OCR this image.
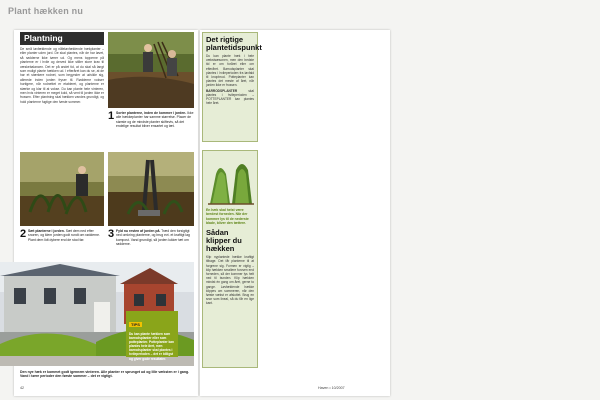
Plant hækken nu
Plantning
De små løvfældende og nåleløvfældende hækplanter – eller planter uden jord. De skal plantes, når de har løvet, så rødderne ikke tørrer ud. Og mens topperne på planterne er i hvile og derved ikke stiller store krav til væskebalancen. Det er på andet tid, at du skal så langt som muligt plante hækken ud. I efteråret kan du se, at de har et stærkere rodnet, som begynder at udvikle sig, allerede inden jorden fryser til. Rødderne vokser hurtigere, når rodnettet er etableret, og planterne er stærke og klar til at vokse. Du kan plante hele vinteren, men hvis vinteren er meget kold, så vent til jorden ikke er frossen. Efter plantning skal hækken vandes grundigt, og hold planterne fugtige den første sommer.
1 Sorter planterne, inden de kommer i jorden. Ikke alle hækkeplanter har samme størrelse. Placer de største og de mindste planter skiftevis, så det endelige resultat bliver ensartet og tæt.
2 Sæt planterne i jorden. Sæt dem ned efter snoren, og klem jorden godt rundt om rødderne. Plant dem lidt dybere end de stod før.	3 Fyld nu resten af jorden på. Træd den forsigtigt ned omkring planterne, og brug evt. et kraftigt lag kompost. Vand grundigt, så jorden lukker tæt om rødderne.
TIPS
Du kan plante hækken som barrodsplanter eller som potteplanter. Potteplanter kan plantes hele året, men barrodsplanter skal plantes i hvileperioden – det er billigst og giver gode resultater.
Den nye hæk er kommet godt igennem vinteren. Alle planter er sprunget ud og lille væksten er i gang. Vand i tørre perioder den første sommer – det er vigtigt.
42	Haven • 10/2007
Det rigtige plantetidspunkt
Du kan plante hæk i hele vækstsæsonen, men den bedste tid er om foråret eller om efteråret. Barrodsplanter skal plantes i hvileperioden fra løvfald til knopbrud. Potteplanter kan plantes det meste af året, når jorden ikke er frossen.
BARRODSPLANTER	skal plantes i hvileperioden – POTTEPLANTER kan plantes hele året.
En hæk skal helst være bredest forneden. Når der kommer lys til de nederste blade, bliver den tættere.
Sådan klipper du hækken
Klip nyplantede hække kraftigt tilbage. Det får planterne til at forgrene sig. Formen er vigtig – klip hækken smallere foroven end forneden, så der kommer lys helt ned til bunden. Klip hækken mindst én gang om året, gerne to gange. Løvfældende hække klippes om sommeren, når den første vækst er afsluttet. Brug en snor som lineal, så du får en lige kant.
